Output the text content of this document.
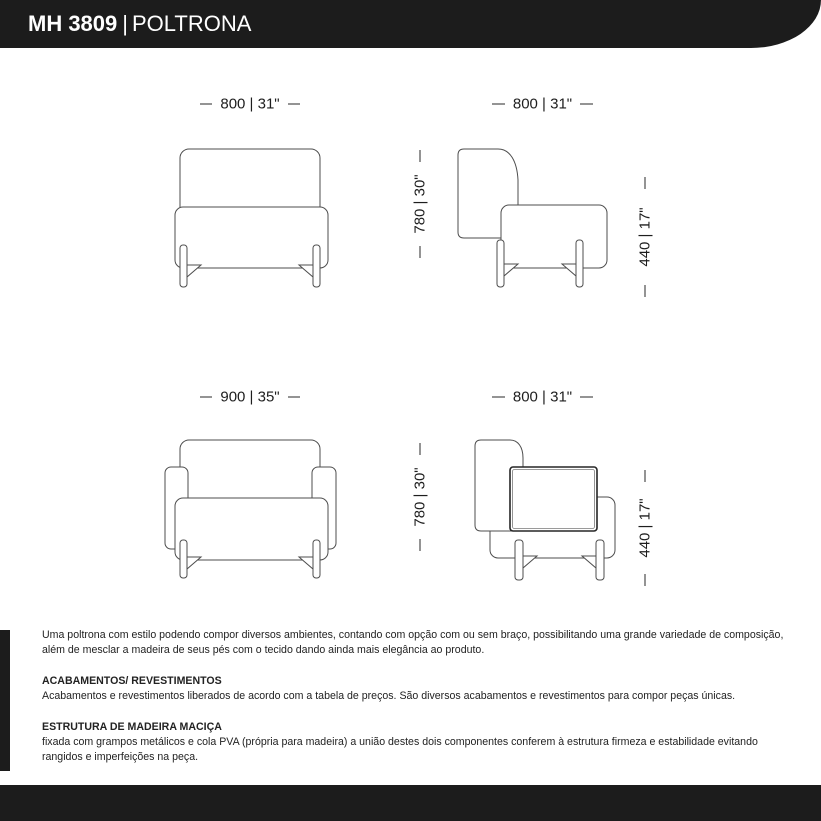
800 | 31"	800 | 31"
780 | 30"
440 | 17"
900 | 35"	800 | 31"
780 | 30"
440 | 17"
MH 3809 | POLTRONA

Uma poltrona com estilo podendo compor diversos ambientes, contando com opção com ou sem braço, possibilitando uma grande variedade de composição, além de mesclar a madeira de seus pés com o tecido dando ainda mais elegância ao produto.

ACABAMENTOS/ REVESTIMENTOS

Acabamentos e revestimentos liberados de acordo com a tabela de preços. São diversos acabamentos e revestimentos para compor peças únicas.

ESTRUTURA DE MADEIRA MACIÇA

fixada com grampos metálicos e cola PVA (própria para madeira) a união destes dois componentes conferem à estrutura firmeza e estabilidade evitando rangidos e imperfeições na peça.
